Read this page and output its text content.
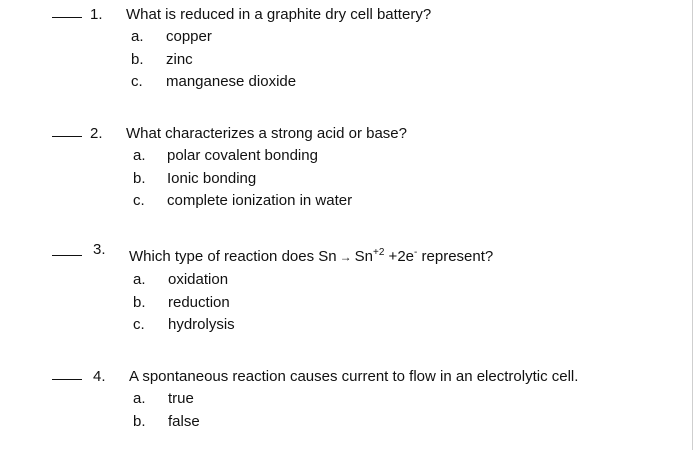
1. What is reduced in a graphite dry cell battery?
a. copper
b. zinc
c. manganese dioxide
2. What characterizes a strong acid or base?
a. polar covalent bonding
b. Ionic bonding
c. complete ionization in water
3. Which type of reaction does $Sn \to Sn^{+2} +2e^-$ represent?
a. oxidation
b. reduction
c. hydrolysis
4. A spontaneous reaction causes current to flow in an electrolytic cell.
a. true
b. false
